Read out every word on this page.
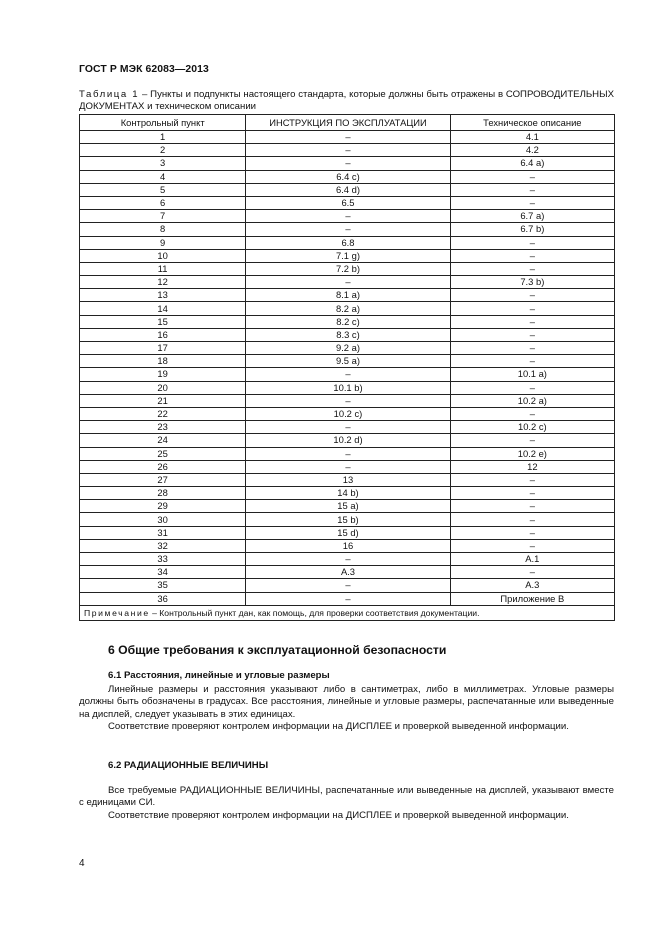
ГОСТ Р МЭК 62083—2013
Таблица 1 – Пункты и подпункты настоящего стандарта, которые должны быть отражены в СОПРОВОДИТЕЛЬНЫХ ДОКУМЕНТАХ и техническом описании
Контрольный пункт	ИНСТРУКЦИЯ ПО ЭКСПЛУАТАЦИИ	Техническое описание
1	–	4.1
2	–	4.2
3	–	6.4 a)
4	6.4 c)	–
5	6.4 d)	–
6	6.5	–
7	–	6.7 a)
8	–	6.7 b)
9	6.8	–
10	7.1 g)	–
11	7.2 b)	–
12	–	7.3 b)
13	8.1 a)	–
14	8.2 a)	–
15	8.2 c)	–
16	8.3 c)	–
17	9.2 a)	–
18	9.5 a)	–
19	–	10.1 a)
20	10.1 b)	–
21	–	10.2 a)
22	10.2 c)	–
23	–	10.2 c)
24	10.2 d)	–
25	–	10.2 e)
26	–	12
27	13	–
28	14 b)	–
29	15 a)	–
30	15 b)	–
31	15 d)	–
32	16	–
33	–	A.1
34	A.3	–
35	–	A.3
36	–	Приложение В
Примечание – Контрольный пункт дан, как помощь, для проверки соответствия документации.		
6 Общие требования к эксплуатационной безопасности
6.1 Расстояния, линейные и угловые размеры

Линейные размеры и расстояния указывают либо в сантиметрах, либо в миллиметрах. Угловые размеры должны быть обозначены в градусах. Все расстояния, линейные и угловые размеры, распечатанные или выведенные на дисплей, следует указывать в этих единицах.

Соответствие проверяют контролем информации на ДИСПЛЕЕ и проверкой выведенной информации.

6.2 РАДИАЦИОННЫЕ ВЕЛИЧИНЫ

Все требуемые РАДИАЦИОННЫЕ ВЕЛИЧИНЫ, распечатанные или выведенные на дисплей, указывают вместе с единицами СИ.

Соответствие проверяют контролем информации на ДИСПЛЕЕ и проверкой выведенной информации.

4
